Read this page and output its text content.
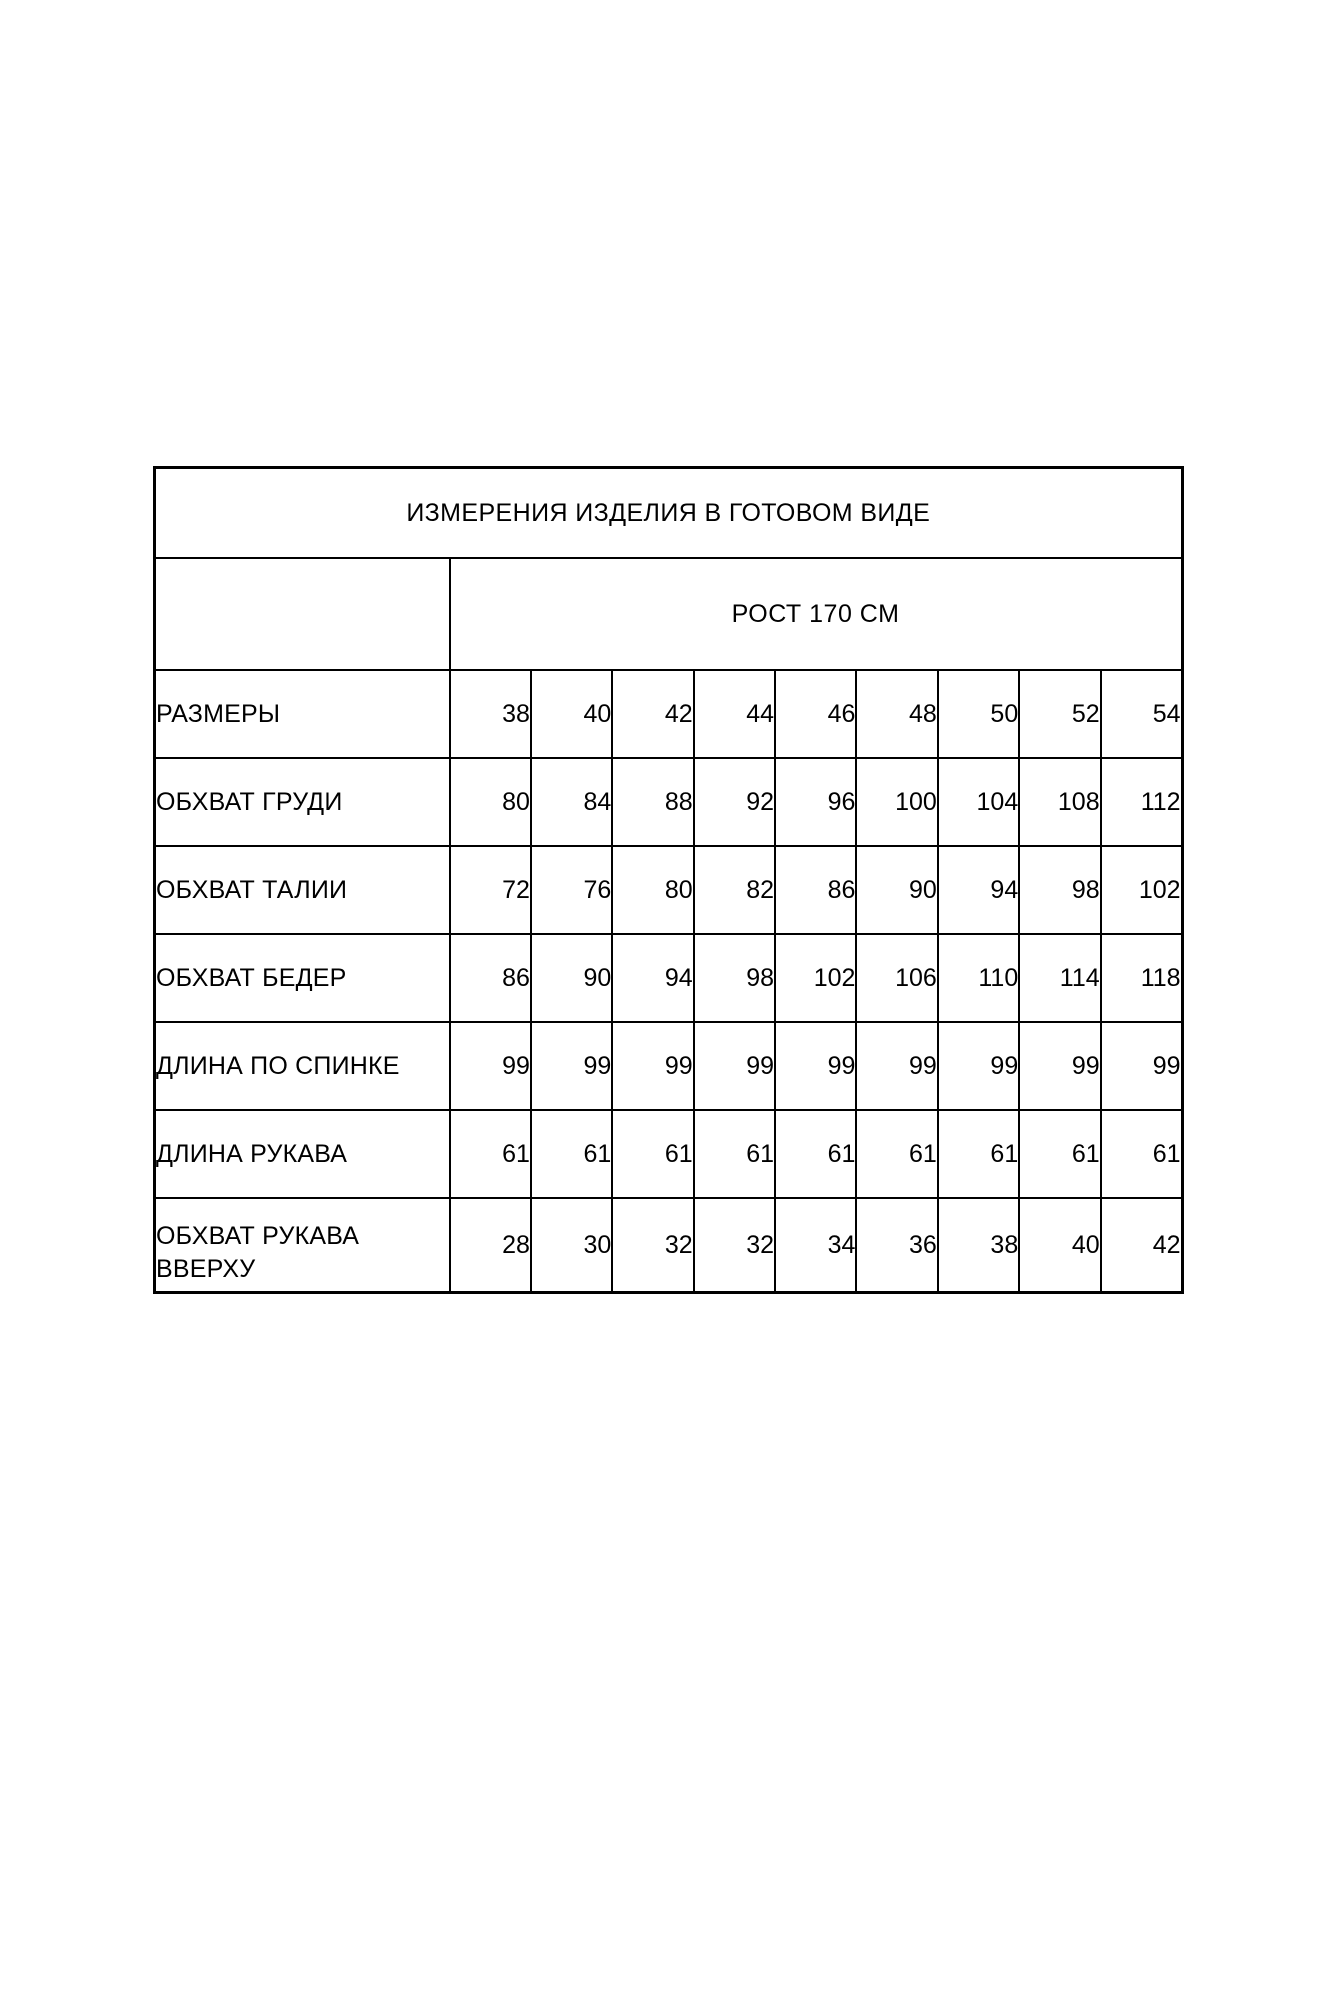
ИЗМЕРЕНИЯ ИЗДЕЛИЯ В ГОТОВОМ ВИДЕ									
	РОСТ 170 СМ								
РАЗМЕРЫ	38	40	42	44	46	48	50	52	54
ОБХВАТ ГРУДИ	80	84	88	92	96	100	104	108	112
ОБХВАТ ТАЛИИ	72	76	80	82	86	90	94	98	102
ОБХВАТ БЕДЕР	86	90	94	98	102	106	110	114	118
ДЛИНА ПО СПИНКЕ	99	99	99	99	99	99	99	99	99
ДЛИНА РУКАВА	61	61	61	61	61	61	61	61	61

ОБХВАТ РУКАВА
ВВЕРХУ	28	30	32	32	34	36	38	40	42
